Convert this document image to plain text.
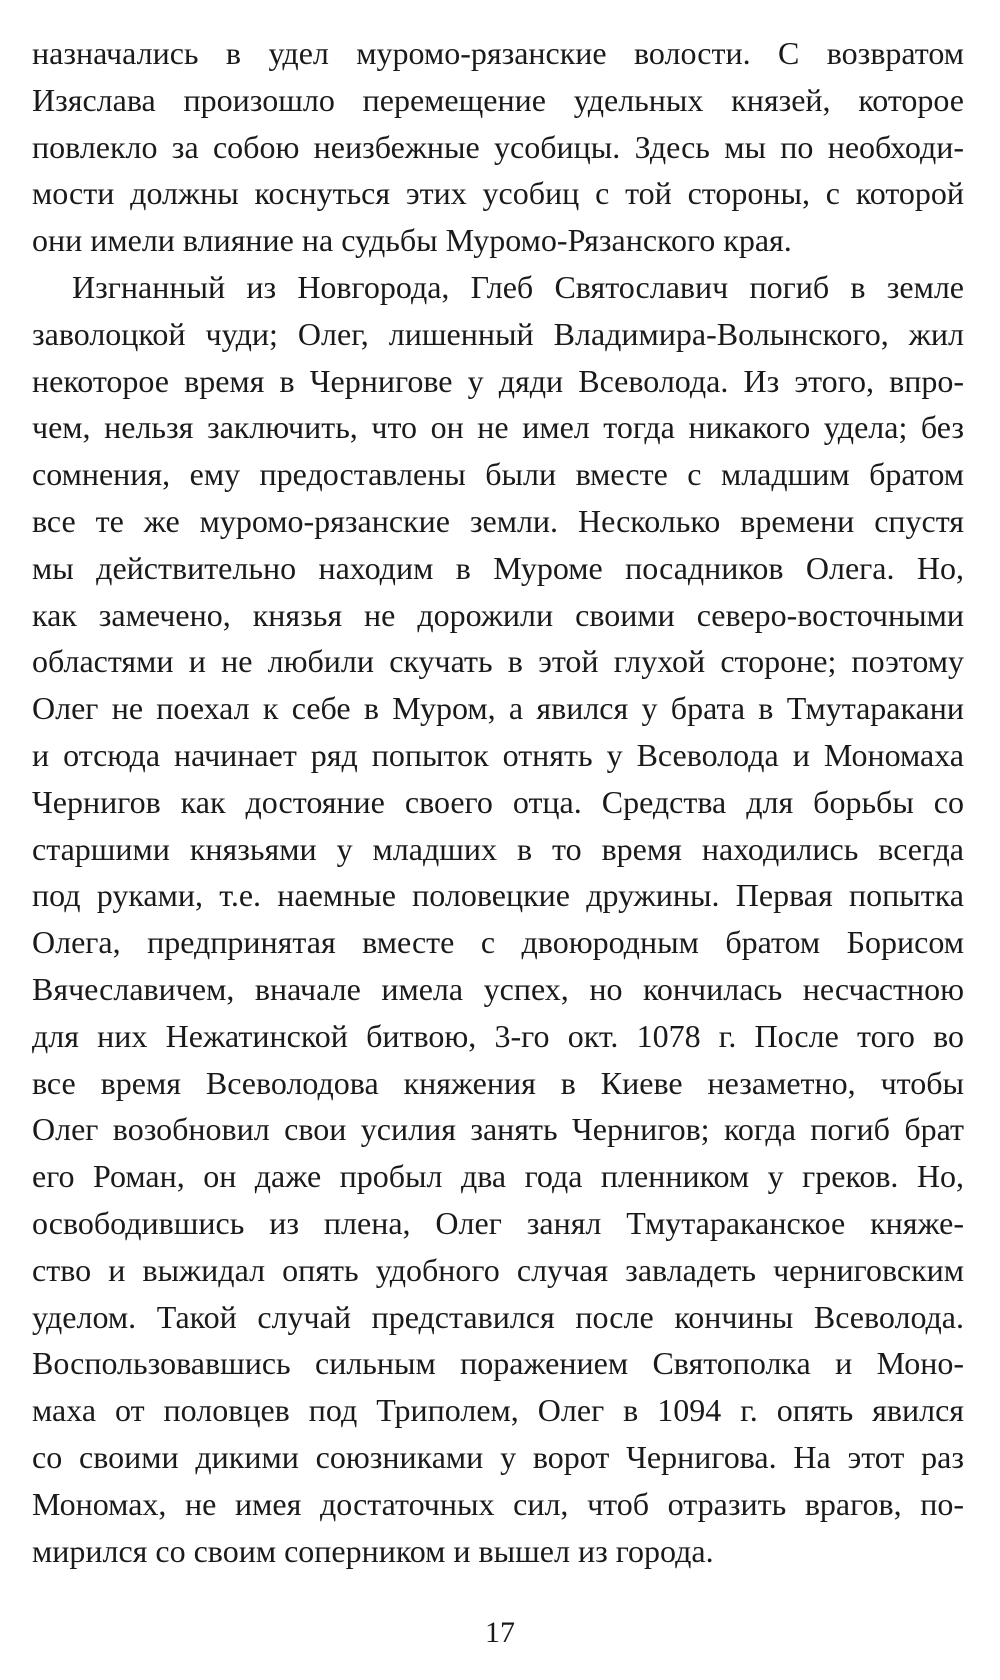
назначались в удел муромо-рязанские волости. С возвратом
Изяслава произошло перемещение удельных князей, которое
повлекло за собою неизбежные усобицы. Здесь мы по необходи-
мости должны коснуться этих усобиц с той стороны, с которой
они имели влияние на судьбы Муромо-Рязанского края.
Изгнанный из Новгорода, Глеб Святославич погиб в земле
заволоцкой чуди; Олег, лишенный Владимира-Волынского, жил
некоторое время в Чернигове у дяди Всеволода. Из этого, впро-
чем, нельзя заключить, что он не имел тогда никакого удела; без
сомнения, ему предоставлены были вместе с младшим братом
все те же муромо-рязанские земли. Несколько времени спустя
мы действительно находим в Муроме посадников Олега. Но,
как замечено, князья не дорожили своими северо-восточными
областями и не любили скучать в этой глухой стороне; поэтому
Олег не поехал к себе в Муром, а явился у брата в Тмутаракани
и отсюда начинает ряд попыток отнять у Всеволода и Мономаха
Чернигов как достояние своего отца. Средства для борьбы со
старшими князьями у младших в то время находились всегда
под руками, т.е. наемные половецкие дружины. Первая попытка
Олега, предпринятая вместе с двоюродным братом Борисом
Вячеславичем, вначале имела успех, но кончилась несчастною
для них Нежатинской битвою, 3-го окт. 1078 г. После того во
все время Всеволодова княжения в Киеве незаметно, чтобы
Олег возобновил свои усилия занять Чернигов; когда погиб брат
его Роман, он даже пробыл два года пленником у греков. Но,
освободившись из плена, Олег занял Тмутараканское княже-
ство и выжидал опять удобного случая завладеть черниговским
уделом. Такой случай представился после кончины Всеволода.
Воспользовавшись сильным поражением Святополка и Моно-
маха от половцев под Триполем, Олег в 1094 г. опять явился
со своими дикими союзниками у ворот Чернигова. На этот раз
Мономах, не имея достаточных сил, чтоб отразить врагов, по-
мирился со своим соперником и вышел из города.
17
